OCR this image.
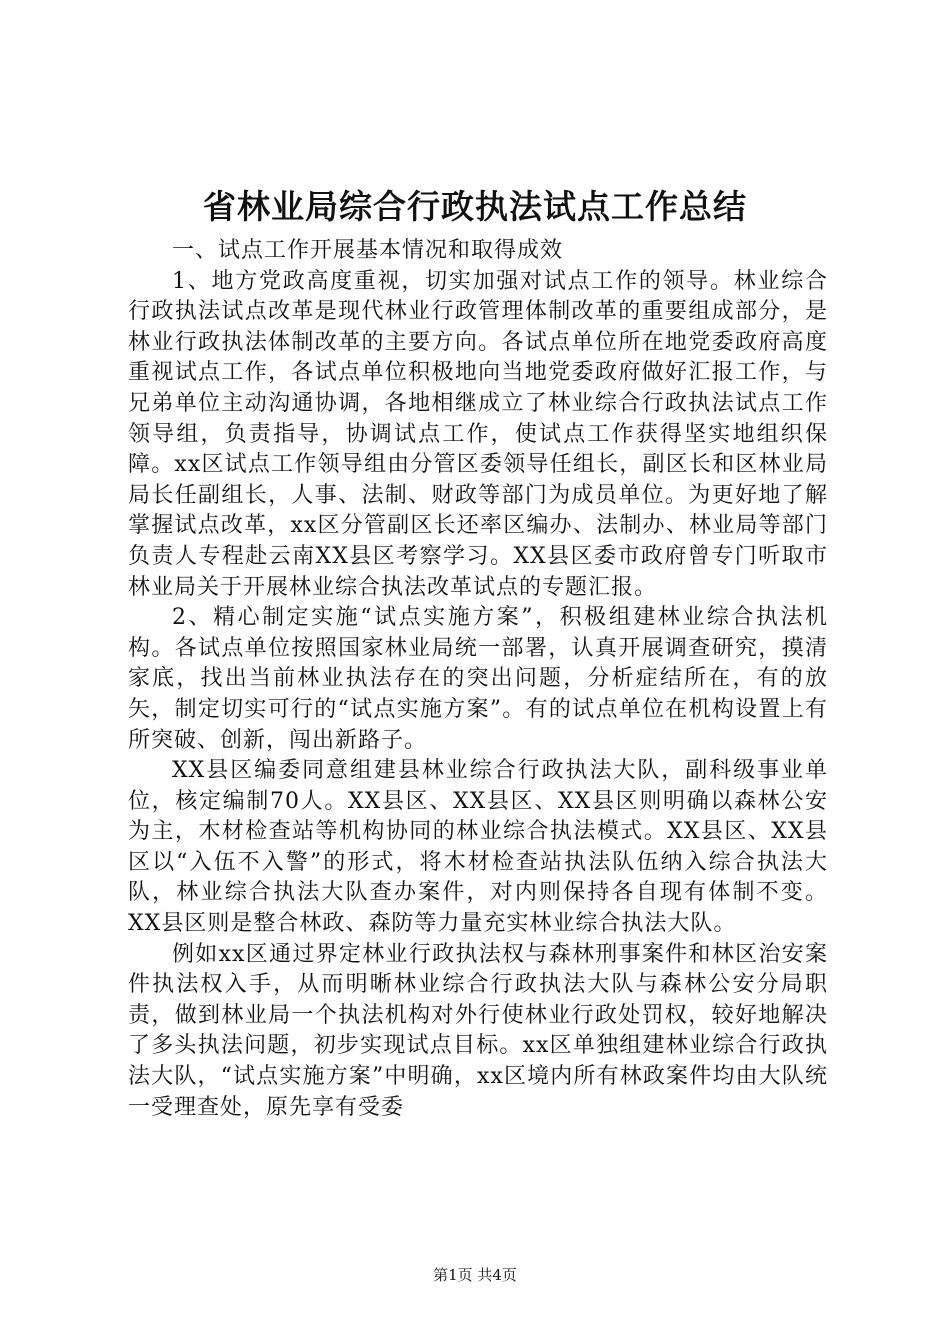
省林业局综合行政执法试点工作总结

一、试点工作开展基本情况和取得成效

1、地方党政高度重视，切实加强对试点工作的领导。林业综合行政执法试点改革是现代林业行政管理体制改革的重要组成部分，是林业行政执法体制改革的主要方向。各试点单位所在地党委政府高度重视试点工作，各试点单位积极地向当地党委政府做好汇报工作，与兄弟单位主动沟通协调，各地相继成立了林业综合行政执法试点工作领导组，负责指导，协调试点工作，使试点工作获得坚实地组织保障。xx区试点工作领导组由分管区委领导任组长，副区长和区林业局局长任副组长，人事、法制、财政等部门为成员单位。为更好地了解掌握试点改革，xx区分管副区长还率区编办、法制办、林业局等部门负责人专程赴云南XX县区考察学习。XX县区委市政府曾专门听取市林业局关于开展林业综合执法改革试点的专题汇报。

2、精心制定实施“试点实施方案”，积极组建林业综合执法机构。各试点单位按照国家林业局统一部署，认真开展调查研究，摸清家底，找出当前林业执法存在的突出问题，分析症结所在，有的放矢，制定切实可行的“试点实施方案”。有的试点单位在机构设置上有所突破、创新，闯出新路子。

XX县区编委同意组建县林业综合行政执法大队，副科级事业单位，核定编制70人。XX县区、XX县区、XX县区则明确以森林公安为主，木材检查站等机构协同的林业综合执法模式。XX县区、XX县区以“入伍不入警”的形式，将木材检查站执法队伍纳入综合执法大队，林业综合执法大队查办案件，对内则保持各自现有体制不变。XX县区则是整合林政、森防等力量充实林业综合执法大队。

例如xx区通过界定林业行政执法权与森林刑事案件和林区治安案件执法权入手，从而明晰林业综合行政执法大队与森林公安分局职责，做到林业局一个执法机构对外行使林业行政处罚权，较好地解决了多头执法问题，初步实现试点目标。xx区单独组建林业综合行政执法大队，“试点实施方案”中明确，xx区境内所有林政案件均由大队统一受理查处，原先享有受委

第1页 共4页
